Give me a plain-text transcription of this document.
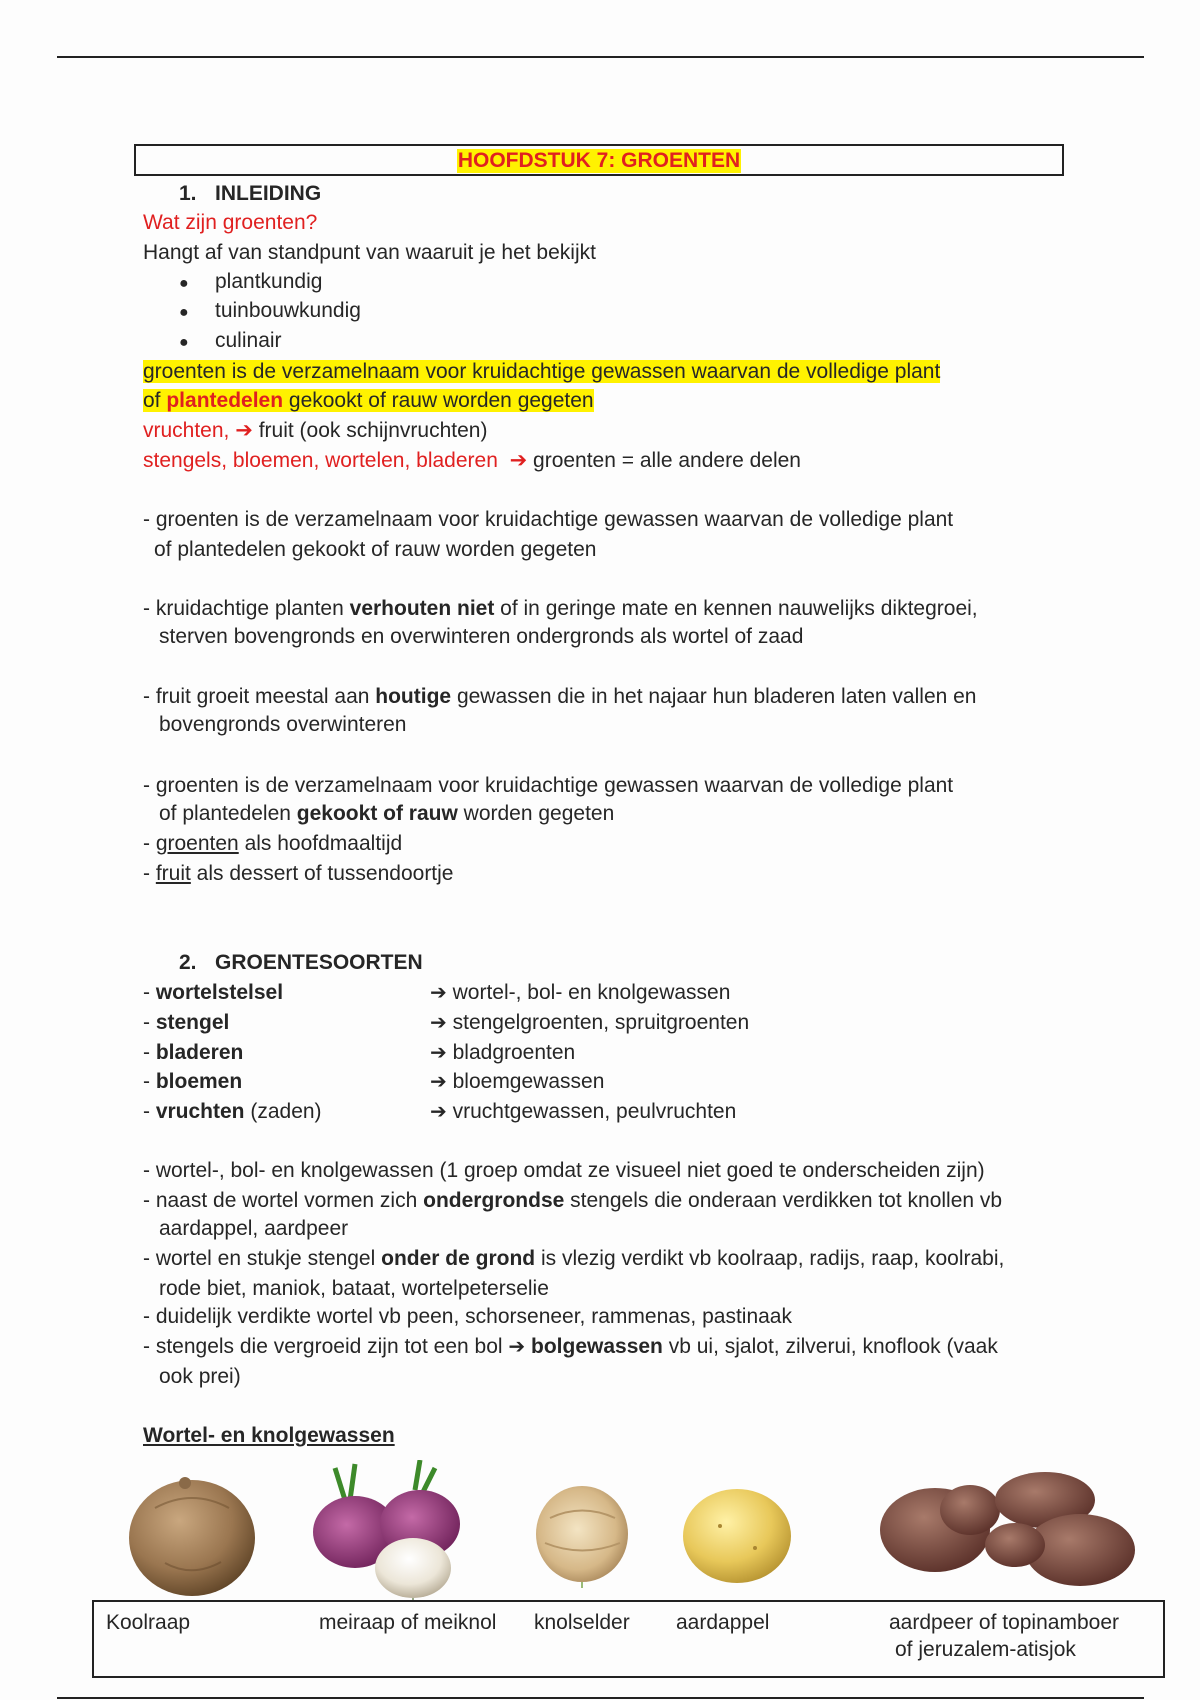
HOOFDSTUK 7: GROENTEN
1. INLEIDING
Wat zijn groenten?
Hangt af van standpunt van waaruit je het bekijkt
● plantkundig
● tuinbouwkundig
● culinair
groenten is de verzamelnaam voor kruidachtige gewassen waarvan de volledige plant
of plantedelen gekookt of rauw worden gegeten
vruchten, ➔ fruit (ook schijnvruchten)
stengels, bloemen, wortelen, bladeren ➔ groenten = alle andere delen
- groenten is de verzamelnaam voor kruidachtige gewassen waarvan de volledige plant
of plantedelen gekookt of rauw worden gegeten
- kruidachtige planten verhouten niet of in geringe mate en kennen nauwelijks diktegroei,
sterven bovengronds en overwinteren ondergronds als wortel of zaad
- fruit groeit meestal aan houtige gewassen die in het najaar hun bladeren laten vallen en
bovengronds overwinteren
- groenten is de verzamelnaam voor kruidachtige gewassen waarvan de volledige plant
of plantedelen gekookt of rauw worden gegeten
- groenten als hoofdmaaltijd
- fruit als dessert of tussendoortje
2. GROENTESOORTEN
- wortelstelsel	➔ wortel-, bol- en knolgewassen
- stengel	➔ stengelgroenten, spruitgroenten
- bladeren	➔ bladgroenten
- bloemen	➔ bloemgewassen
- vruchten (zaden)	➔ vruchtgewassen, peulvruchten
- wortel-, bol- en knolgewassen (1 groep omdat ze visueel niet goed te onderscheiden zijn)
- naast de wortel vormen zich ondergrondse stengels die onderaan verdikken tot knollen vb
aardappel, aardpeer
- wortel en stukje stengel onder de grond is vlezig verdikt vb koolraap, radijs, raap, koolrabi,
rode biet, maniok, bataat, wortelpeterselie
- duidelijk verdikte wortel vb peen, schorseneer, rammenas, pastinaak
- stengels die vergroeid zijn tot een bol ➔ bolgewassen vb ui, sjalot, zilverui, knoflook (vaak
ook prei)
Wortel- en knolgewassen
Koolraap	meiraap of meiknol knolselder aardappel	aardpeer of topinamboer
of jeruzalem-atisjok
